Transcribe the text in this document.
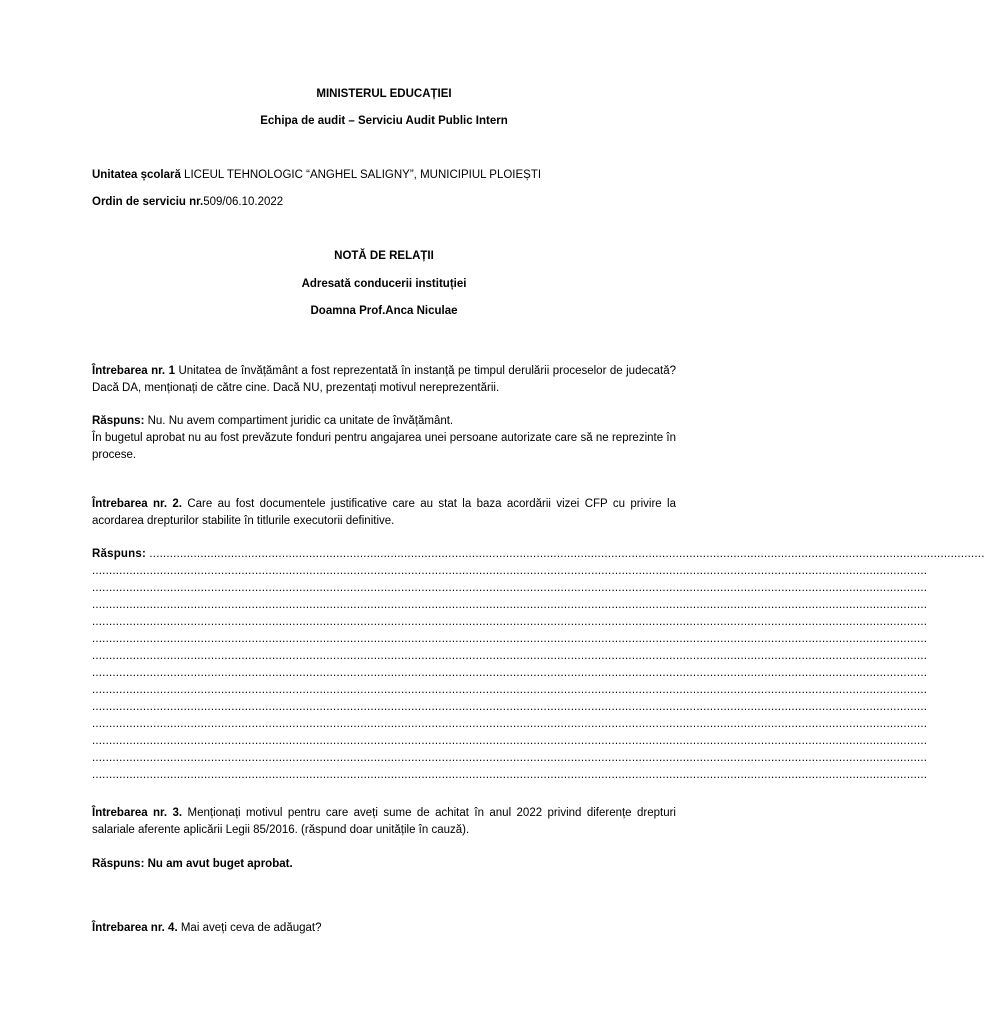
MINISTERUL EDUCAȚIEI
Echipa de audit – Serviciu Audit Public Intern
Unitatea școlară LICEUL TEHNOLOGIC “ANGHEL SALIGNY”, MUNICIPIUL PLOIEȘTI
Ordin de serviciu nr.509/06.10.2022
NOTĂ DE RELAȚII
Adresată conducerii instituției
Doamna Prof.Anca Niculae
Întrebarea nr. 1 Unitatea de învățământ a fost reprezentată în instanță pe timpul derulării proceselor de judecată? Dacă DA, menționați de către cine. Dacă NU, prezentați motivul nereprezentării.
Răspuns: Nu. Nu avem compartiment juridic ca unitate de învățământ.
În bugetul aprobat nu au fost prevăzute fonduri pentru angajarea unei persoane autorizate care să ne reprezinte în procese.
Întrebarea nr. 2. Care au fost documentele justificative care au stat la baza acordării vizei CFP cu privire la acordarea drepturilor stabilite în titlurile executorii definitive.
Răspuns: ......................................................................................................................................................................................................................................................
......................................................................................................................................................................................................................................................
......................................................................................................................................................................................................................................................
......................................................................................................................................................................................................................................................
......................................................................................................................................................................................................................................................
......................................................................................................................................................................................................................................................
......................................................................................................................................................................................................................................................
......................................................................................................................................................................................................................................................
......................................................................................................................................................................................................................................................
......................................................................................................................................................................................................................................................
......................................................................................................................................................................................................................................................
......................................................................................................................................................................................................................................................
......................................................................................................................................................................................................................................................
......................................................................................................................................................................................................................................................
Întrebarea nr. 3. Menționați motivul pentru care aveți sume de achitat în anul 2022 privind diferențe drepturi salariale aferente aplicării Legii 85/2016. (răspund doar unitățile în cauză).
Răspuns: Nu am avut buget aprobat.
Întrebarea nr. 4. Mai aveți ceva de adăugat?
